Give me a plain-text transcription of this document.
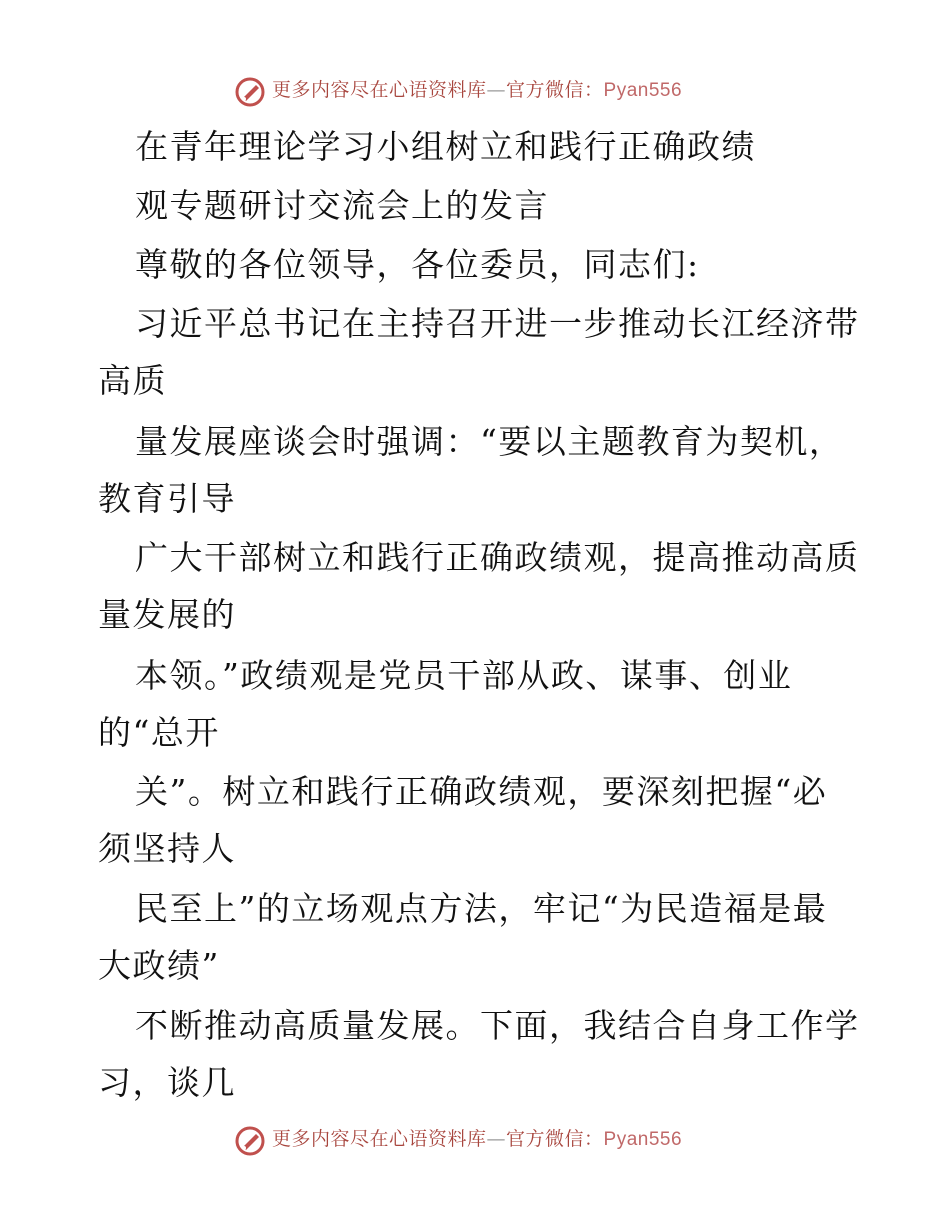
更多内容尽在心语资料库—官方微信：Pyan556
在青年理论学习小组树立和践行正确政绩
观专题研讨交流会上的发言
尊敬的各位领导，各位委员，同志们:
习近平总书记在主持召开进一步推动长江经济带
高质
量发展座谈会时强调：“要以主题教育为契机，
教育引导
广大干部树立和践行正确政绩观，提高推动高质
量发展的
本领。”政绩观是党员干部从政、谋事、创业
的“总开
关”。树立和践行正确政绩观，要深刻把握“必
须坚持人
民至上”的立场观点方法，牢记“为民造福是最
大政绩”
不断推动高质量发展。下面，我结合自身工作学
习，谈几
更多内容尽在心语资料库—官方微信：Pyan556
